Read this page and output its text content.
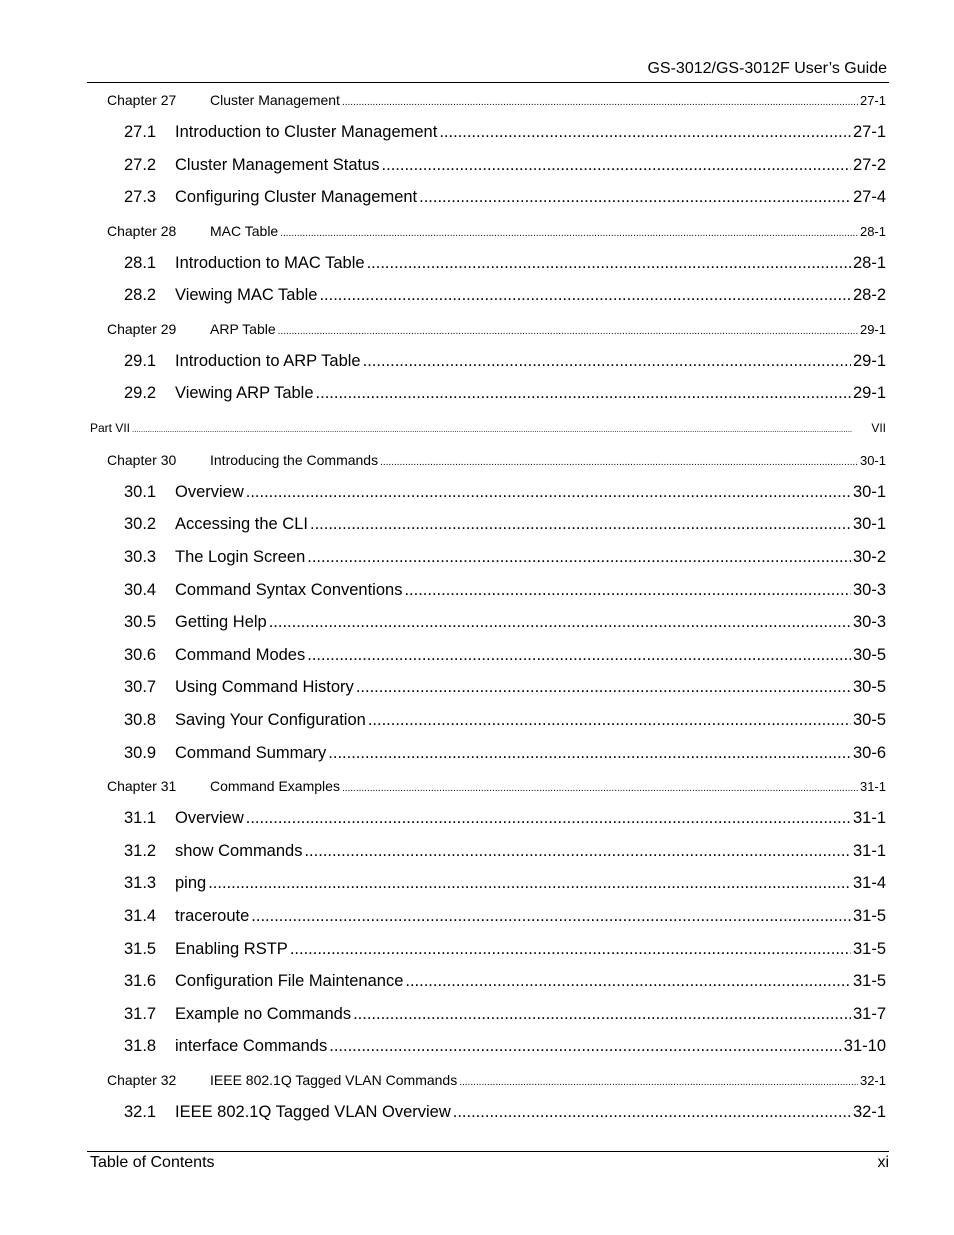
GS-3012/GS-3012F User’s Guide
Chapter 27	Cluster Management .....	27-1
27.1	Introduction to Cluster Management .....	27-1
27.2	Cluster Management Status .....	27-2
27.3	Configuring Cluster Management .....	27-4
Chapter 28	MAC Table .....	28-1
28.1	Introduction to MAC Table .....	28-1
28.2	Viewing MAC Table .....	28-2
Chapter 29	ARP Table .....	29-1
29.1	Introduction to ARP Table .....	29-1
29.2	Viewing ARP Table .....	29-1
Part VII .....	VII
Chapter 30	Introducing the Commands .....	30-1
30.1	Overview .....	30-1
30.2	Accessing the CLI .....	30-1
30.3	The Login Screen .....	30-2
30.4	Command Syntax Conventions .....	30-3
30.5	Getting Help .....	30-3
30.6	Command Modes .....	30-5
30.7	Using Command History .....	30-5
30.8	Saving Your Configuration .....	30-5
30.9	Command Summary .....	30-6
Chapter 31	Command Examples .....	31-1
31.1	Overview .....	31-1
31.2	show Commands .....	31-1
31.3	ping .....	31-4
31.4	traceroute .....	31-5
31.5	Enabling RSTP .....	31-5
31.6	Configuration File Maintenance .....	31-5
31.7	Example no Commands .....	31-7
31.8	interface Commands .....	31-10
Chapter 32	IEEE 802.1Q Tagged VLAN Commands .....	32-1
32.1	IEEE 802.1Q Tagged VLAN Overview .....	32-1
Table of Contents	xi
